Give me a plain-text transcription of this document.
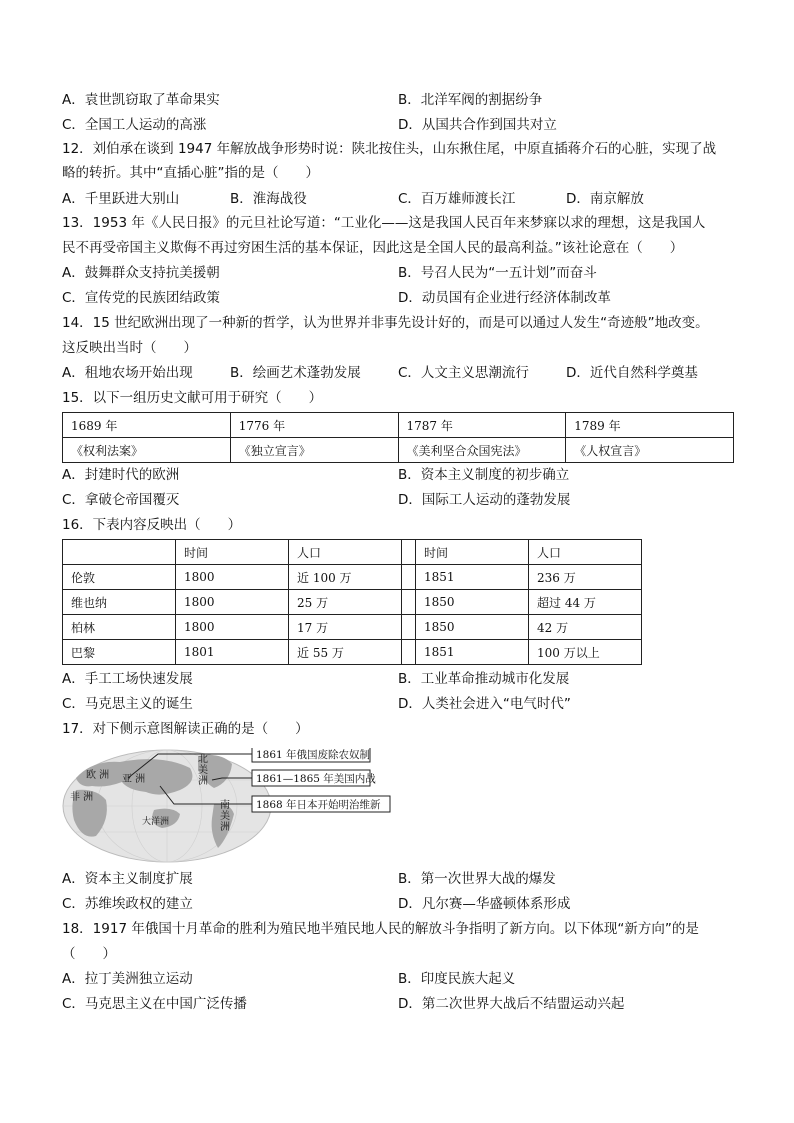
A．袁世凯窃取了革命果实	B．北洋军阀的割据纷争
C．全国工人运动的高涨	D．从国共合作到国共对立
12．刘伯承在谈到 1947 年解放战争形势时说：陕北按住头，山东揪住尾，中原直插蒋介石的心脏，实现了战
略的转折。其中“直插心脏”指的是（　　）
A．千里跃进大别山	B．淮海战役	C．百万雄师渡长江	D．南京解放
13．1953 年《人民日报》的元旦社论写道：“工业化——这是我国人民百年来梦寐以求的理想，这是我国人
民不再受帝国主义欺侮不再过穷困生活的基本保证，因此这是全国人民的最高利益。”该社论意在（　　）
A．鼓舞群众支持抗美援朝	B．号召人民为“一五计划”而奋斗
C．宣传党的民族团结政策	D．动员国有企业进行经济体制改革
14．15 世纪欧洲出现了一种新的哲学，认为世界并非事先设计好的，而是可以通过人发生“奇迹般”地改变。
这反映出当时（　　）
A．租地农场开始出现	B．绘画艺术蓬勃发展	C．人文主义思潮流行	D．近代自然科学奠基
15．以下一组历史文献可用于研究（　　）
1689 年	1776 年	1787 年	1789 年
《权利法案》	《独立宣言》	《美利坚合众国宪法》	《人权宣言》
A．封建时代的欧洲	B．资本主义制度的初步确立
C．拿破仑帝国覆灭	D．国际工人运动的蓬勃发展
16．下表内容反映出（　　）
	时间	人口		时间	人口
伦敦	1800	近 100 万		1851	236 万
维也纳	1800	25 万		1850	超过 44 万
柏林	1800	17 万		1850	42 万
巴黎	1801	近 55 万		1851	100 万以上
A．手工工场快速发展	B．工业革命推动城市化发展
C．马克思主义的诞生	D．人类社会进入“电气时代”
17．对下侧示意图解读正确的是（　　）
欧 洲 亚 洲
非 洲
大洋洲
北美洲
南美洲
1861 年俄国废除农奴制
1861—1865 年美国内战
1868 年日本开始明治维新
A．资本主义制度扩展	B．第一次世界大战的爆发
C．苏维埃政权的建立	D．凡尔赛—华盛顿体系形成
18．1917 年俄国十月革命的胜利为殖民地半殖民地人民的解放斗争指明了新方向。以下体现“新方向”的是
（　　）
A．拉丁美洲独立运动	B．印度民族大起义
C．马克思主义在中国广泛传播	D．第二次世界大战后不结盟运动兴起
